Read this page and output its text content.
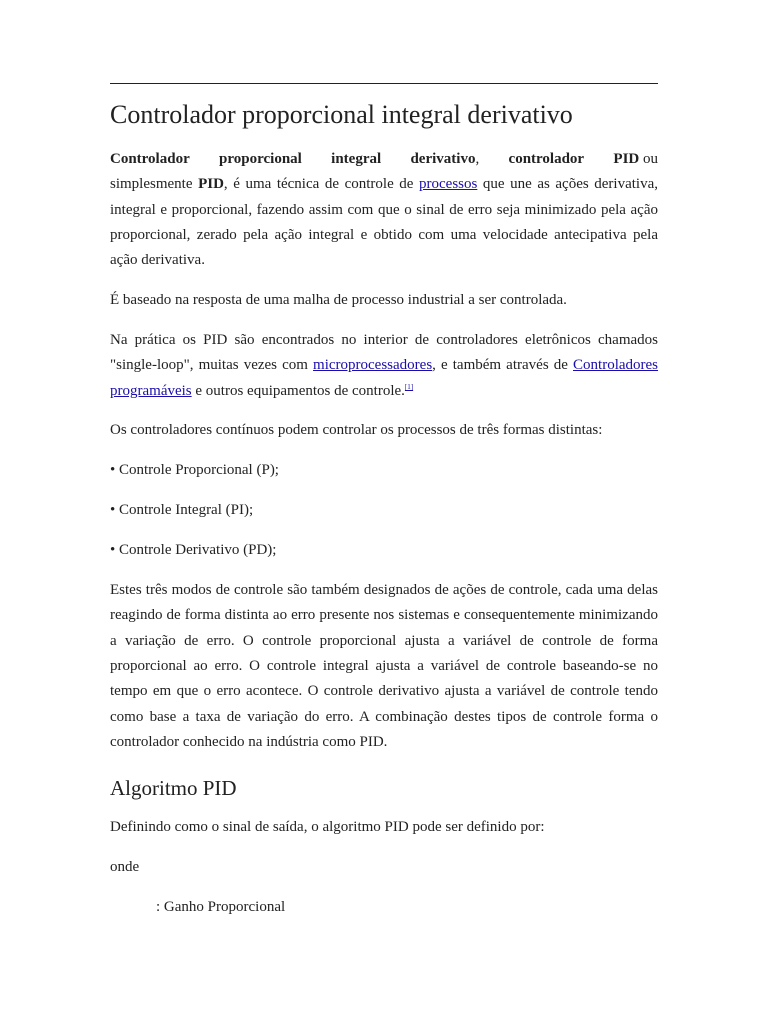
Controlador proporcional integral derivativo

Controlador proporcional integral derivativo, controlador PID ou

simplesmente PID, é uma técnica de controle de processos que une as ações derivativa, integral e proporcional, fazendo assim com que o sinal de erro seja minimizado pela ação proporcional, zerado pela ação integral e obtido com uma velocidade antecipativa pela ação derivativa.

É baseado na resposta de uma malha de processo industrial a ser controlada.

Na prática os PID são encontrados no interior de controladores eletrônicos chamados "single-loop", muitas vezes com microprocessadores, e também através de Controladores programáveis e outros equipamentos de controle.[1]

Os controladores contínuos podem controlar os processos de três formas distintas:

• Controle Proporcional (P);

• Controle Integral (PI);

• Controle Derivativo (PD);

Estes três modos de controle são também designados de ações de controle, cada uma delas reagindo de forma distinta ao erro presente nos sistemas e consequentemente minimizando a variação de erro. O controle proporcional ajusta a variável de controle de forma proporcional ao erro. O controle integral ajusta a variável de controle baseando-se no tempo em que o erro acontece. O controle derivativo ajusta a variável de controle tendo como base a taxa de variação do erro. A combinação destes tipos de controle forma o controlador conhecido na indústria como PID.

Algoritmo PID

Definindo como o sinal de saída, o algoritmo PID pode ser definido por:

onde

: Ganho Proporcional
